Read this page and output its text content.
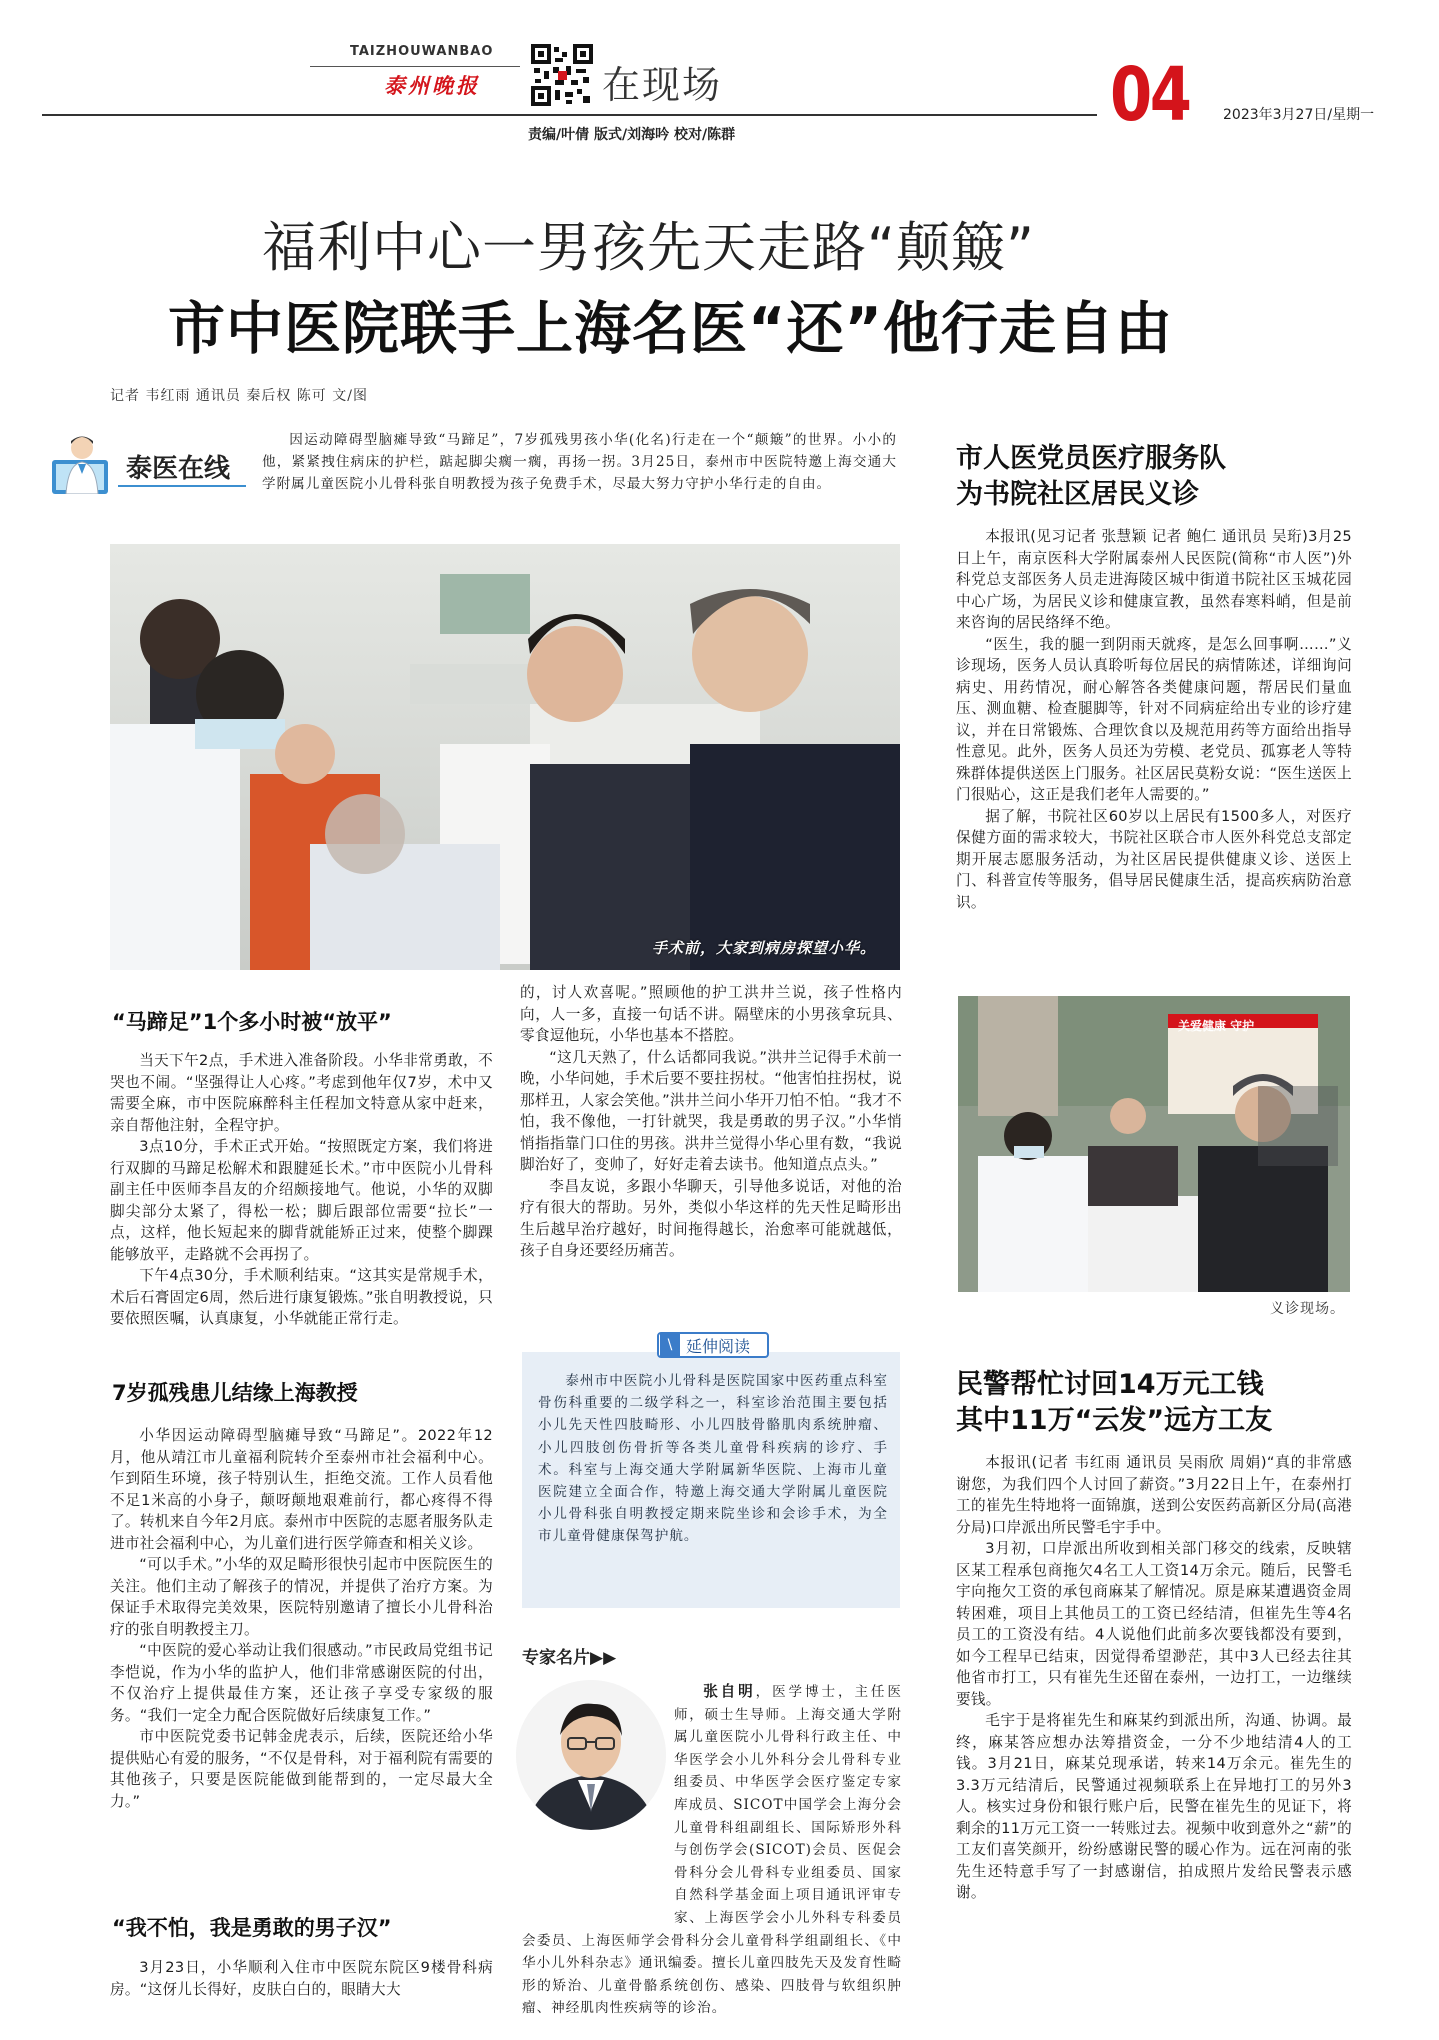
TAIZHOUWANBAO
泰州晚报	在现场	04 2023年3月27日/星期一
责编/叶倩 版式/刘海吟 校对/陈群
福利中心一男孩先天走路“颠簸”
市中医院联手上海名医“还”他行走自由
记者 韦红雨 通讯员 秦后权 陈可 文/图
泰医在线

因运动障碍型脑瘫导致“马蹄足”，7岁孤残男孩小华(化名)行走在一个“颠簸”的世界。小小的他，紧紧拽住病床的护栏，踮起脚尖瘸一瘸，再扬一拐。3月25日，泰州市中医院特邀上海交通大学附属儿童医院小儿骨科张自明教授为孩子免费手术，尽最大努力守护小华行走的自由。

手术前，大家到病房探望小华。
“马蹄足”1个多小时被“放平”

当天下午2点，手术进入准备阶段。小华非常勇敢，不哭也不闹。“坚强得让人心疼。”考虑到他年仅7岁，术中又需要全麻，市中医院麻醉科主任程加文特意从家中赶来，亲自帮他注射，全程守护。

3点10分，手术正式开始。“按照既定方案，我们将进行双脚的马蹄足松解术和跟腱延长术。”市中医院小儿骨科副主任中医师李昌友的介绍颇接地气。他说，小华的双脚脚尖部分太紧了，得松一松；脚后跟部位需要“拉长”一点，这样，他长短起来的脚背就能矫正过来，使整个脚踝能够放平，走路就不会再拐了。

下午4点30分，手术顺利结束。“这其实是常规手术，术后石膏固定6周，然后进行康复锻炼。”张自明教授说，只要依照医嘱，认真康复，小华就能正常行走。

7岁孤残患儿结缘上海教授

小华因运动障碍型脑瘫导致“马蹄足”。2022年12月，他从靖江市儿童福利院转介至泰州市社会福利中心。乍到陌生环境，孩子特别认生，拒绝交流。工作人员看他不足1米高的小身子，颠呀颠地艰难前行，都心疼得不得了。转机来自今年2月底。泰州市中医院的志愿者服务队走进市社会福利中心，为儿童们进行医学筛查和相关义诊。

“可以手术。”小华的双足畸形很快引起市中医院医生的关注。他们主动了解孩子的情况，并提供了治疗方案。为保证手术取得完美效果，医院特别邀请了擅长小儿骨科治疗的张自明教授主刀。

“中医院的爱心举动让我们很感动。”市民政局党组书记李恺说，作为小华的监护人，他们非常感谢医院的付出，不仅治疗上提供最佳方案，还让孩子享受专家级的服务。“我们一定全力配合医院做好后续康复工作。”

市中医院党委书记韩金虎表示，后续，医院还给小华提供贴心有爱的服务，“不仅是骨科，对于福利院有需要的其他孩子，只要是医院能做到能帮到的，一定尽最大全力。”

“我不怕，我是勇敢的男子汉”

3月23日，小华顺利入住市中医院东院区9楼骨科病房。“这伢儿长得好，皮肤白白的，眼睛大大

的，讨人欢喜呢。”照顾他的护工洪井兰说，孩子性格内向，人一多，直接一句话不讲。隔壁床的小男孩拿玩具、零食逗他玩，小华也基本不搭腔。

“这几天熟了，什么话都同我说。”洪井兰记得手术前一晚，小华问她，手术后要不要拄拐杖。“他害怕拄拐杖，说那样丑，人家会笑他。”洪井兰问小华开刀怕不怕。“我才不怕，我不像他，一打针就哭，我是勇敢的男子汉。”小华悄悄指指靠门口住的男孩。洪井兰觉得小华心里有数，“我说脚治好了，变帅了，好好走着去读书。他知道点点头。”

李昌友说，多跟小华聊天，引导他多说话，对他的治疗有很大的帮助。另外，类似小华这样的先天性足畸形出生后越早治疗越好，时间拖得越长，治愈率可能就越低，孩子自身还要经历痛苦。

\ 延伸阅读

泰州市中医院小儿骨科是医院国家中医药重点科室骨伤科重要的二级学科之一，科室诊治范围主要包括小儿先天性四肢畸形、小儿四肢骨骼肌肉系统肿瘤、小儿四肢创伤骨折等各类儿童骨科疾病的诊疗、手术。科室与上海交通大学附属新华医院、上海市儿童医院建立全面合作，特邀上海交通大学附属儿童医院小儿骨科张自明教授定期来院坐诊和会诊手术，为全市儿童骨健康保驾护航。

专家名片▶▶
张自明，医学博士，主任医师，硕士生导师。上海交通大学附属儿童医院小儿骨科行政主任、中华医学会小儿外科分会儿骨科专业组委员、中华医学会医疗鉴定专家库成员、SICOT中国学会上海分会儿童骨科组副组长、国际矫形外科与创伤学会(SICOT)会员、医促会骨科分会儿骨科专业组委员、国家自然科学基金面上项目通讯评审专家、上海医学会小儿外科专科委员会委员、上海医师学会骨科分会儿童骨科学组副组长、《中华小儿外科杂志》通讯编委。擅长儿童四肢先天及发育性畸形的矫治、儿童骨骼系统创伤、感染、四肢骨与软组织肿瘤、神经肌肉性疾病等的诊治。
市人医党员医疗服务队
为书院社区居民义诊

本报讯(见习记者 张慧颖 记者 鲍仁 通讯员 吴珩)3月25日上午，南京医科大学附属泰州人民医院(简称“市人医”)外科党总支部医务人员走进海陵区城中街道书院社区玉城花园中心广场，为居民义诊和健康宣教，虽然春寒料峭，但是前来咨询的居民络绎不绝。

“医生，我的腿一到阴雨天就疼，是怎么回事啊……”义诊现场，医务人员认真聆听每位居民的病情陈述，详细询问病史、用药情况，耐心解答各类健康问题，帮居民们量血压、测血糖、检查腿脚等，针对不同病症给出专业的诊疗建议，并在日常锻炼、合理饮食以及规范用药等方面给出指导性意见。此外，医务人员还为劳模、老党员、孤寡老人等特殊群体提供送医上门服务。社区居民莫粉女说：“医生送医上门很贴心，这正是我们老年人需要的。”

据了解，书院社区60岁以上居民有1500多人，对医疗保健方面的需求较大，书院社区联合市人医外科党总支部定期开展志愿服务活动，为社区居民提供健康义诊、送医上门、科普宣传等服务，倡导居民健康生活，提高疾病防治意识。

关爱健康 守护
义诊现场。
民警帮忙讨回14万元工钱
其中11万“云发”远方工友

本报讯(记者 韦红雨 通讯员 吴雨欣 周娟)“真的非常感谢您，为我们四个人讨回了薪资。”3月22日上午，在泰州打工的崔先生特地将一面锦旗，送到公安医药高新区分局(高港分局)口岸派出所民警毛宇手中。

3月初，口岸派出所收到相关部门移交的线索，反映辖区某工程承包商拖欠4名工人工资14万余元。随后，民警毛宇向拖欠工资的承包商麻某了解情况。原是麻某遭遇资金周转困难，项目上其他员工的工资已经结清，但崔先生等4名员工的工资没有结。4人说他们此前多次要钱都没有要到，如今工程早已结束，因觉得希望渺茫，其中3人已经去往其他省市打工，只有崔先生还留在泰州，一边打工，一边继续要钱。

毛宇于是将崔先生和麻某约到派出所，沟通、协调。最终，麻某答应想办法筹措资金，一分不少地结清4人的工钱。3月21日，麻某兑现承诺，转来14万余元。崔先生的3.3万元结清后，民警通过视频联系上在异地打工的另外3人。核实过身份和银行账户后，民警在崔先生的见证下，将剩余的11万元工资一一转账过去。视频中收到意外之“薪”的工友们喜笑颜开，纷纷感谢民警的暖心作为。远在河南的张先生还特意手写了一封感谢信，拍成照片发给民警表示感谢。
